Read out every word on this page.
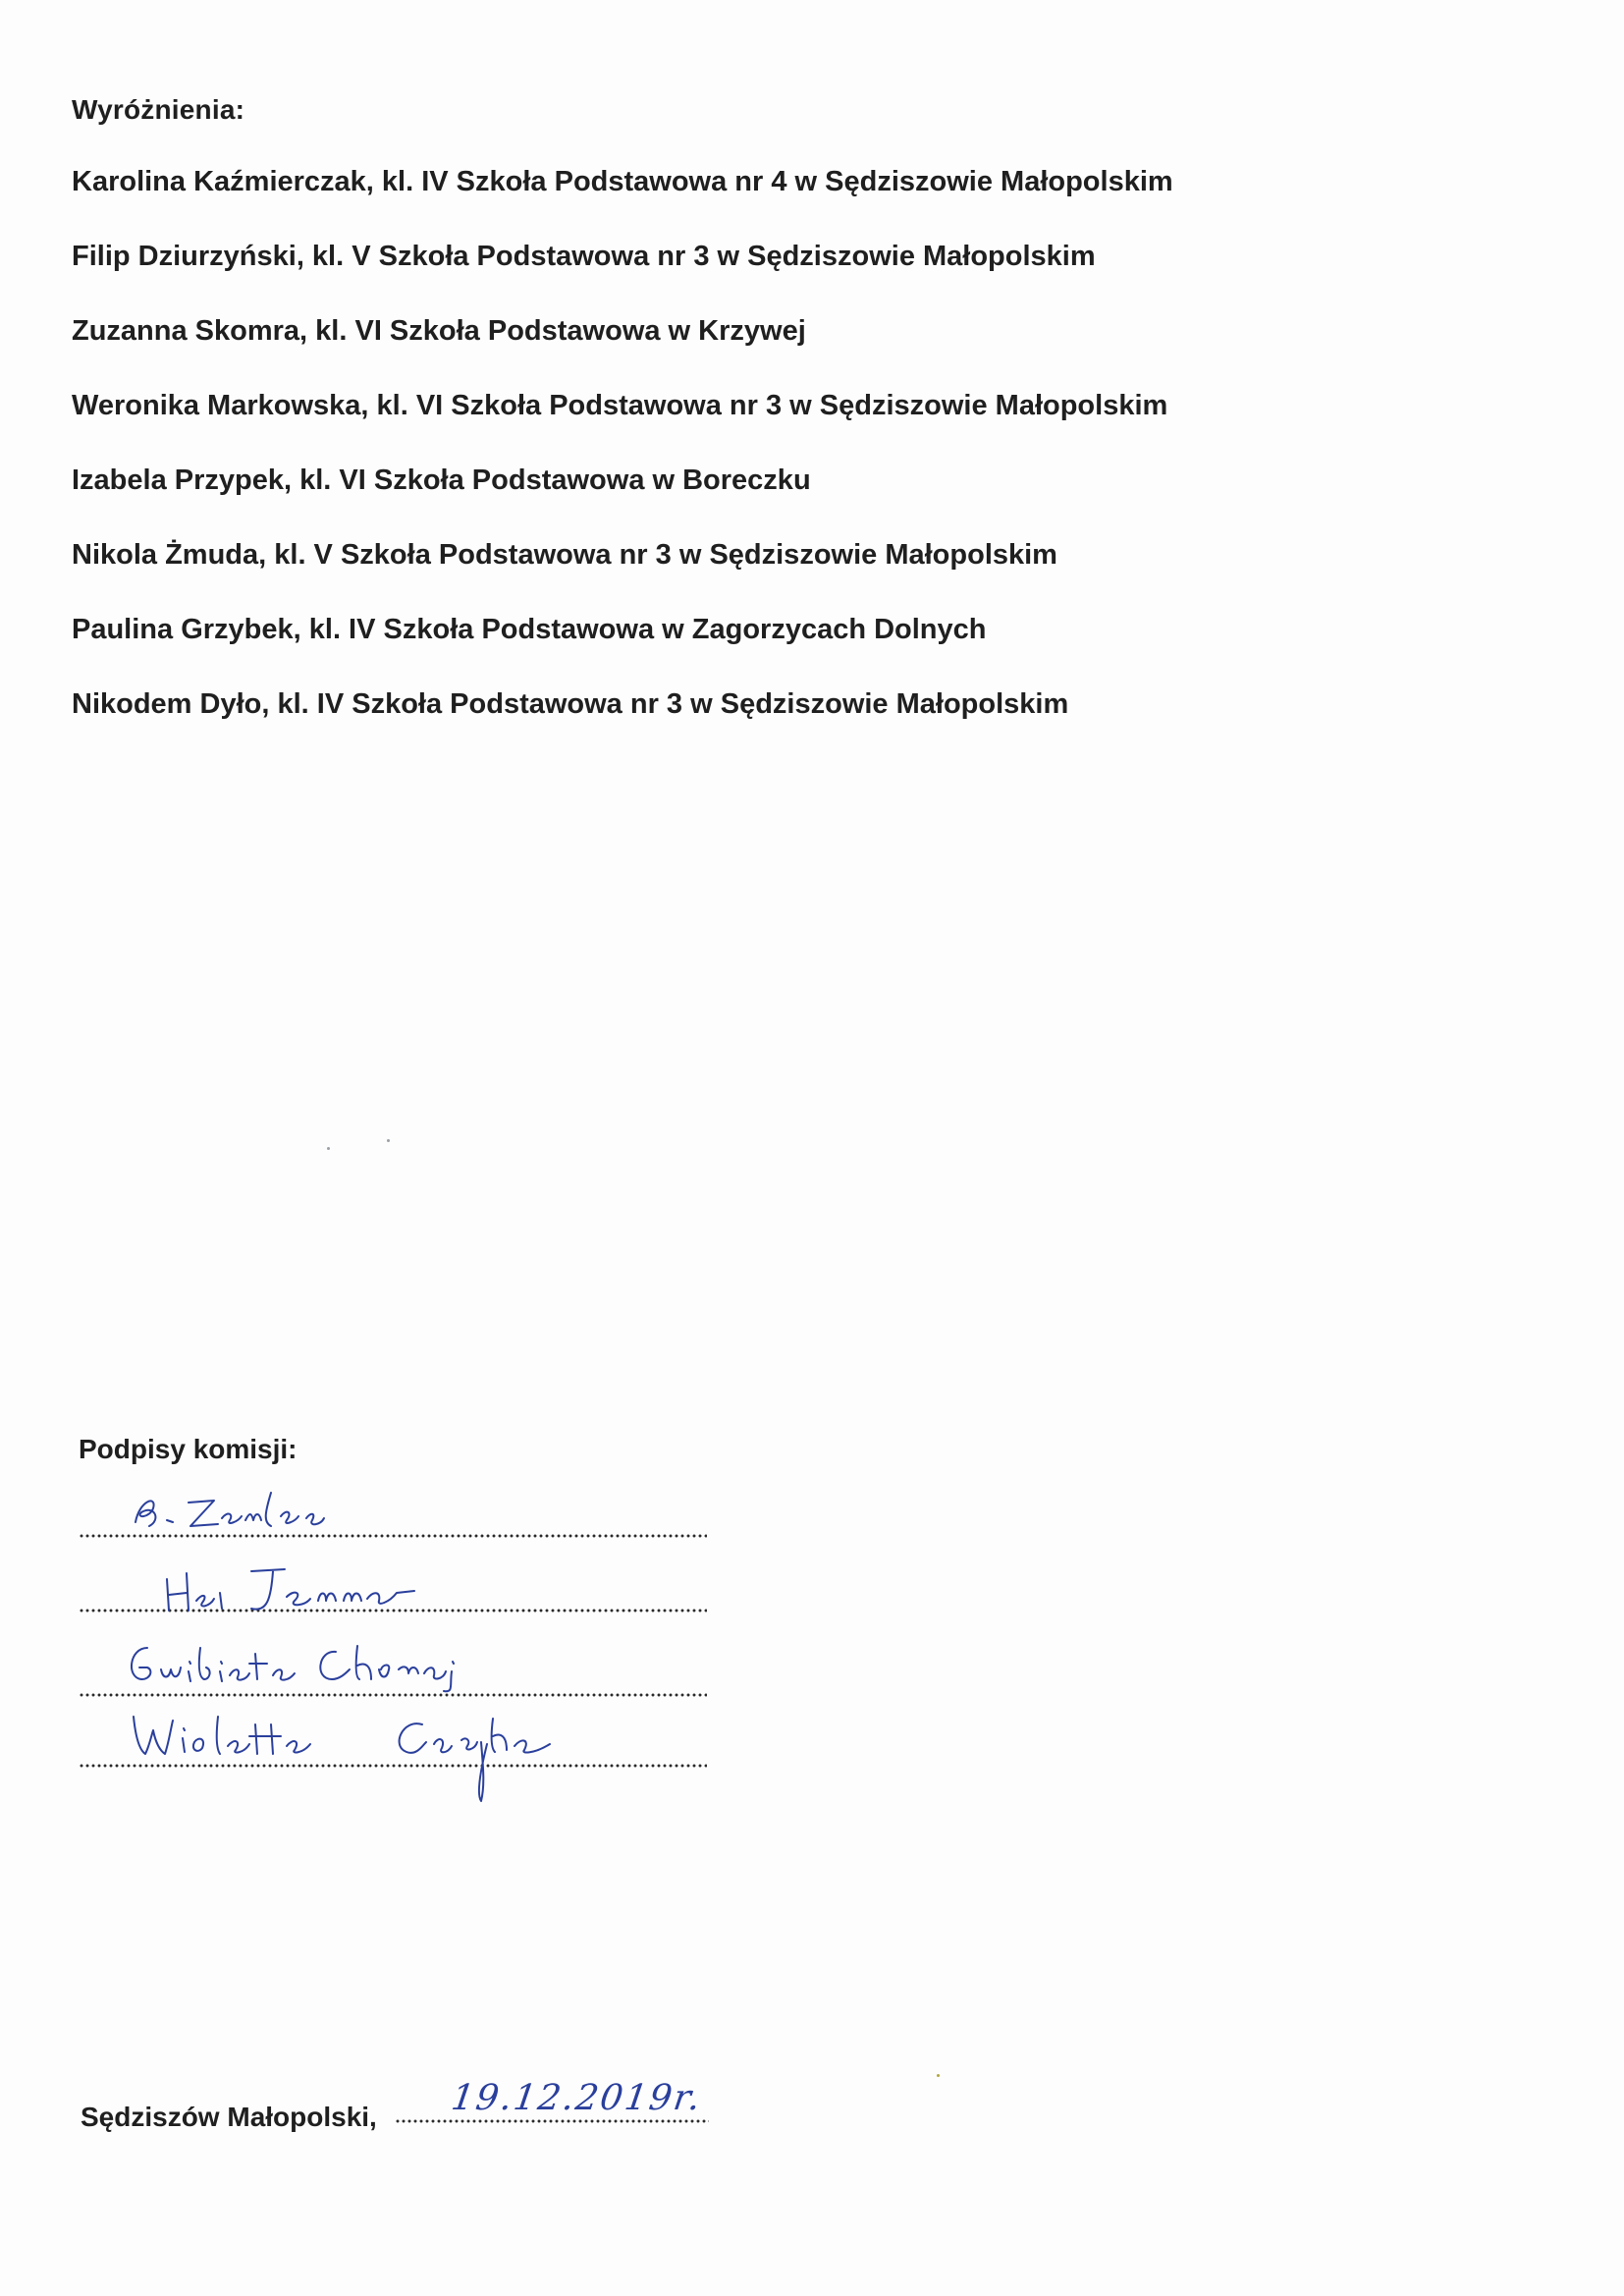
Wyróżnienia:
Karolina Kaźmierczak, kl. IV Szkoła Podstawowa nr 4 w Sędziszowie Małopolskim
Filip Dziurzyński, kl. V Szkoła Podstawowa nr 3 w Sędziszowie Małopolskim
Zuzanna Skomra, kl. VI Szkoła Podstawowa w Krzywej
Weronika Markowska, kl. VI Szkoła Podstawowa nr 3 w Sędziszowie Małopolskim
Izabela Przypek, kl. VI Szkoła Podstawowa w Boreczku
Nikola Żmuda, kl. V Szkoła Podstawowa nr 3 w Sędziszowie Małopolskim
Paulina Grzybek, kl. IV Szkoła Podstawowa w Zagorzycach Dolnych
Nikodem Dyło, kl. IV Szkoła Podstawowa nr 3 w Sędziszowie Małopolskim
Podpisy komisji:
Sędziszów Małopolski, 19.12.2019r.
